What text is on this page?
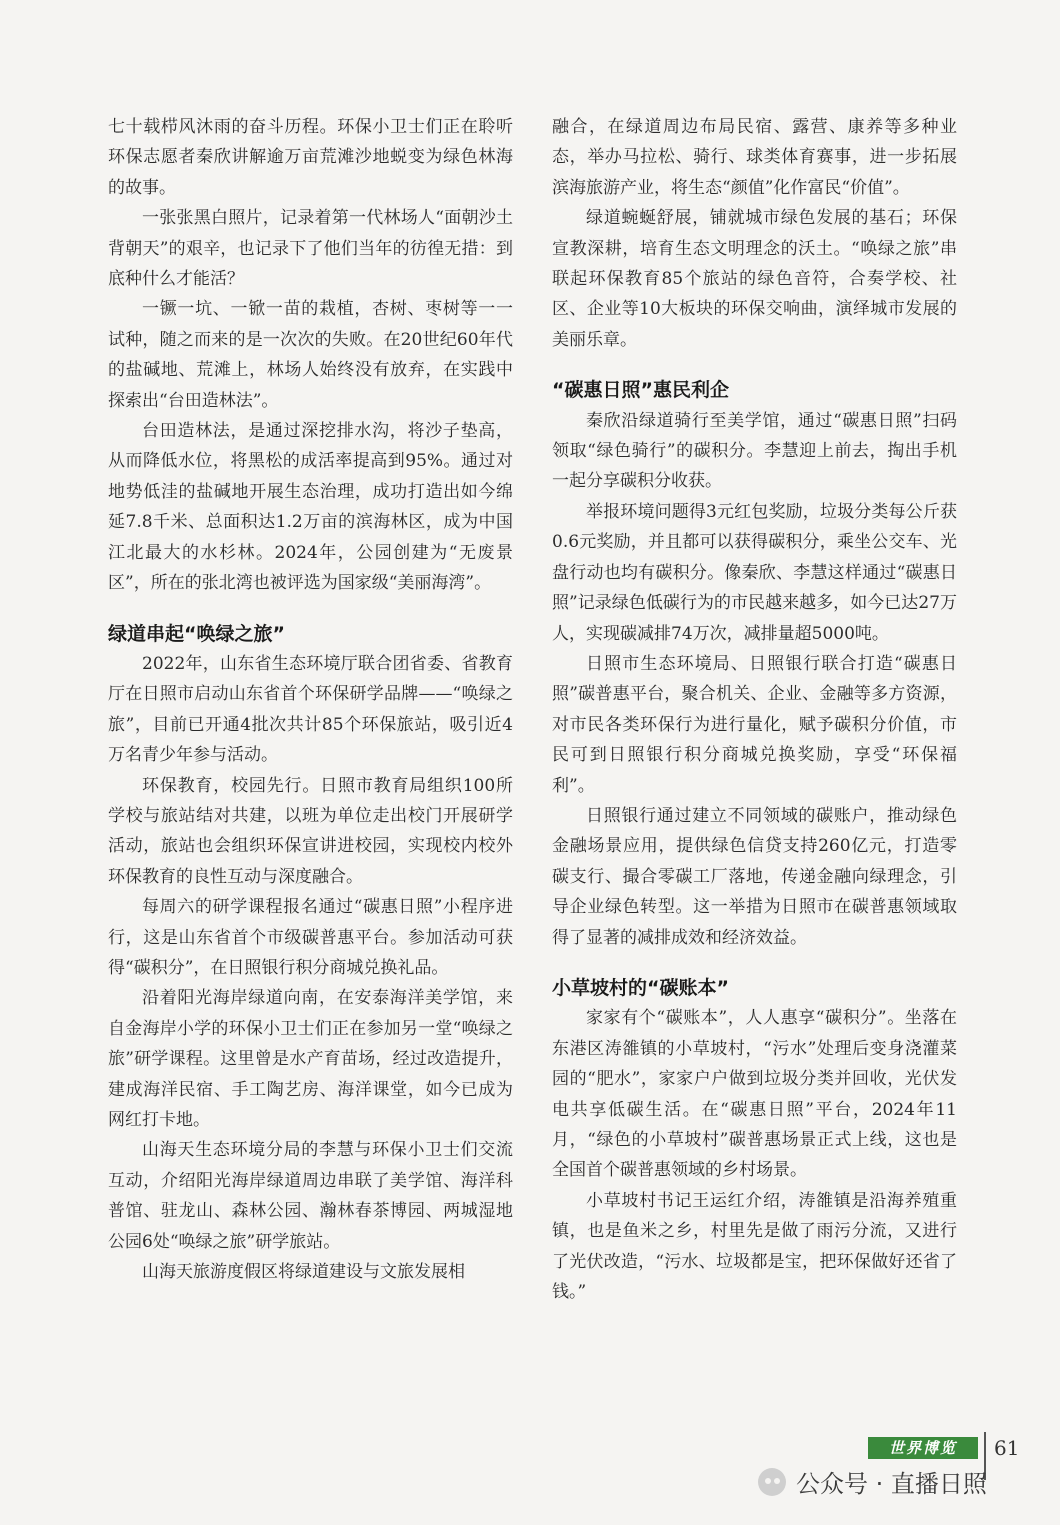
七十载栉风沐雨的奋斗历程。环保小卫士们正在聆听环保志愿者秦欣讲解逾万亩荒滩沙地蜕变为绿色林海的故事。

一张张黑白照片，记录着第一代林场人“面朝沙土背朝天”的艰辛，也记录下了他们当年的彷徨无措：到底种什么才能活？

一镢一坑、一锨一苗的栽植，杏树、枣树等一一试种，随之而来的是一次次的失败。在20世纪60年代的盐碱地、荒滩上，林场人始终没有放弃，在实践中探索出“台田造林法”。

台田造林法，是通过深挖排水沟，将沙子垫高，从而降低水位，将黑松的成活率提高到95%。通过对地势低洼的盐碱地开展生态治理，成功打造出如今绵延7.8千米、总面积达1.2万亩的滨海林区，成为中国江北最大的水杉林。2024年，公园创建为“无废景区”，所在的张北湾也被评选为国家级“美丽海湾”。

绿道串起“唤绿之旅”

2022年，山东省生态环境厅联合团省委、省教育厅在日照市启动山东省首个环保研学品牌——“唤绿之旅”，目前已开通4批次共计85个环保旅站，吸引近4万名青少年参与活动。

环保教育，校园先行。日照市教育局组织100所学校与旅站结对共建，以班为单位走出校门开展研学活动，旅站也会组织环保宣讲进校园，实现校内校外环保教育的良性互动与深度融合。

每周六的研学课程报名通过“碳惠日照”小程序进行，这是山东省首个市级碳普惠平台。参加活动可获得“碳积分”，在日照银行积分商城兑换礼品。

沿着阳光海岸绿道向南，在安泰海洋美学馆，来自金海岸小学的环保小卫士们正在参加另一堂“唤绿之旅”研学课程。这里曾是水产育苗场，经过改造提升，建成海洋民宿、手工陶艺房、海洋课堂，如今已成为网红打卡地。

山海天生态环境分局的李慧与环保小卫士们交流互动，介绍阳光海岸绿道周边串联了美学馆、海洋科普馆、驻龙山、森林公园、瀚林春茶博园、两城湿地公园6处“唤绿之旅”研学旅站。

山海天旅游度假区将绿道建设与文旅发展相

融合，在绿道周边布局民宿、露营、康养等多种业态，举办马拉松、骑行、球类体育赛事，进一步拓展滨海旅游产业，将生态“颜值”化作富民“价值”。

绿道蜿蜒舒展，铺就城市绿色发展的基石；环保宣教深耕，培育生态文明理念的沃土。“唤绿之旅”串联起环保教育85个旅站的绿色音符，合奏学校、社区、企业等10大板块的环保交响曲，演绎城市发展的美丽乐章。

“碳惠日照”惠民利企

秦欣沿绿道骑行至美学馆，通过“碳惠日照”扫码领取“绿色骑行”的碳积分。李慧迎上前去，掏出手机一起分享碳积分收获。

举报环境问题得3元红包奖励，垃圾分类每公斤获0.6元奖励，并且都可以获得碳积分，乘坐公交车、光盘行动也均有碳积分。像秦欣、李慧这样通过“碳惠日照”记录绿色低碳行为的市民越来越多，如今已达27万人，实现碳减排74万次，减排量超5000吨。

日照市生态环境局、日照银行联合打造“碳惠日照”碳普惠平台，聚合机关、企业、金融等多方资源，对市民各类环保行为进行量化，赋予碳积分价值，市民可到日照银行积分商城兑换奖励，享受“环保福利”。

日照银行通过建立不同领域的碳账户，推动绿色金融场景应用，提供绿色信贷支持260亿元，打造零碳支行、撮合零碳工厂落地，传递金融向绿理念，引导企业绿色转型。这一举措为日照市在碳普惠领域取得了显著的减排成效和经济效益。

小草坡村的“碳账本”

家家有个“碳账本”，人人惠享“碳积分”。坐落在东港区涛雒镇的小草坡村，“污水”处理后变身浇灌菜园的“肥水”，家家户户做到垃圾分类并回收，光伏发电共享低碳生活。在“碳惠日照”平台，2024年11月，“绿色的小草坡村”碳普惠场景正式上线，这也是全国首个碳普惠领域的乡村场景。

小草坡村书记王运红介绍，涛雒镇是沿海养殖重镇，也是鱼米之乡，村里先是做了雨污分流，又进行了光伏改造，“污水、垃圾都是宝，把环保做好还省了钱。”

世界博览	61
公众号 · 直播日照
